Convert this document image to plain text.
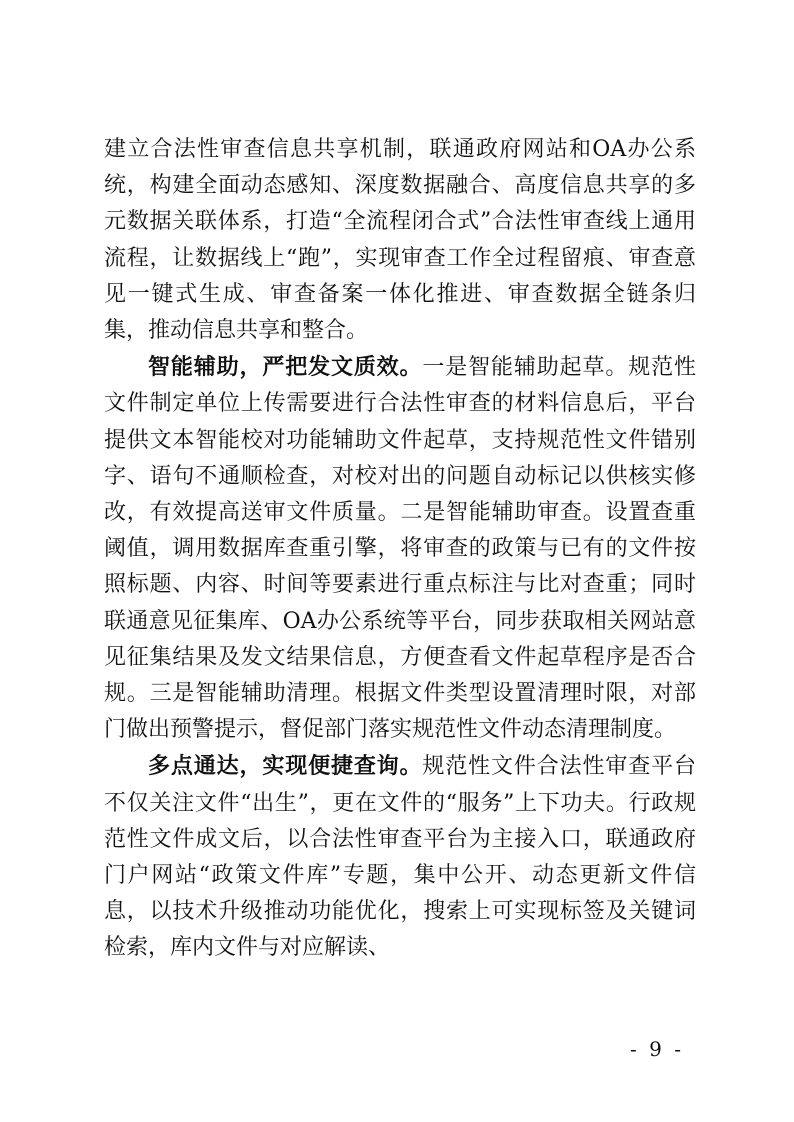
建立合法性审查信息共享机制，联通政府网站和OA办公系统，构建全面动态感知、深度数据融合、高度信息共享的多元数据关联体系，打造“全流程闭合式”合法性审查线上通用流程，让数据线上“跑”，实现审查工作全过程留痕、审查意见一键式生成、审查备案一体化推进、审查数据全链条归集，推动信息共享和整合。

智能辅助，严把发文质效。一是智能辅助起草。规范性文件制定单位上传需要进行合法性审查的材料信息后，平台提供文本智能校对功能辅助文件起草，支持规范性文件错别字、语句不通顺检查，对校对出的问题自动标记以供核实修改，有效提高送审文件质量。二是智能辅助审查。设置查重阈值，调用数据库查重引擎，将审查的政策与已有的文件按照标题、内容、时间等要素进行重点标注与比对查重；同时联通意见征集库、OA办公系统等平台，同步获取相关网站意见征集结果及发文结果信息，方便查看文件起草程序是否合规。三是智能辅助清理。根据文件类型设置清理时限，对部门做出预警提示，督促部门落实规范性文件动态清理制度。

多点通达，实现便捷查询。规范性文件合法性审查平台不仅关注文件“出生”，更在文件的“服务”上下功夫。行政规范性文件成文后，以合法性审查平台为主接入口，联通政府门户网站“政策文件库”专题，集中公开、动态更新文件信息，以技术升级推动功能优化，搜索上可实现标签及关键词检索，库内文件与对应解读、

- 9 -
